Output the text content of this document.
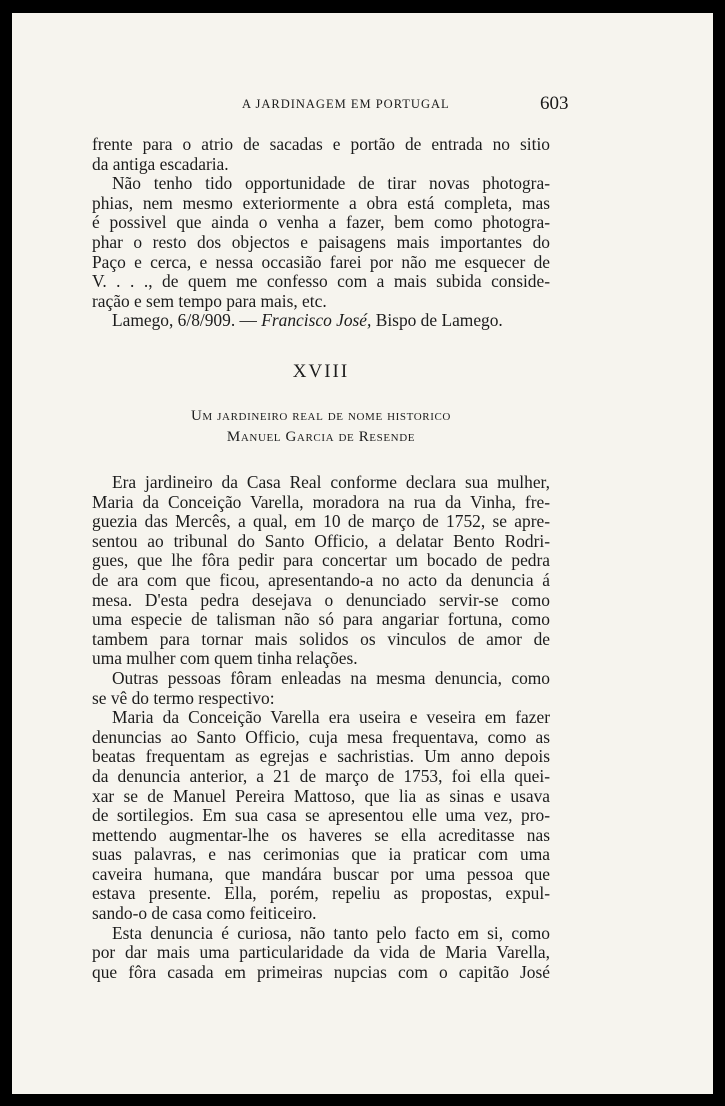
A JARDINAGEM EM PORTUGAL	603

frente para o atrio de sacadas e portão de entrada no sitio
da antiga escadaria.

Não tenho tido opportunidade de tirar novas photogra-
phias, nem mesmo exteriormente a obra está completa, mas
é possivel que ainda o venha a fazer, bem como photogra-
phar o resto dos objectos e paisagens mais importantes do
Paço e cerca, e nessa occasião farei por não me esquecer de
V. . . ., de quem me confesso com a mais subida conside-
ração e sem tempo para mais, etc.

Lamego, 6/8/909. — Francisco José, Bispo de Lamego.

XVIII
Um jardineiro real de nome historico
Manuel Garcia de Resende

Era jardineiro da Casa Real conforme declara sua mulher,
Maria da Conceição Varella, moradora na rua da Vinha, fre-
guezia das Mercês, a qual, em 10 de março de 1752, se apre-
sentou ao tribunal do Santo Officio, a delatar Bento Rodri-
gues, que lhe fôra pedir para concertar um bocado de pedra
de ara com que ficou, apresentando-a no acto da denuncia á
mesa. D'esta pedra desejava o denunciado servir-se como
uma especie de talisman não só para angariar fortuna, como
tambem para tornar mais solidos os vinculos de amor de
uma mulher com quem tinha relações.

Outras pessoas fôram enleadas na mesma denuncia, como
se vê do termo respectivo:

Maria da Conceição Varella era useira e veseira em fazer
denuncias ao Santo Officio, cuja mesa frequentava, como as
beatas frequentam as egrejas e sachristias. Um anno depois
da denuncia anterior, a 21 de março de 1753, foi ella quei-
xar se de Manuel Pereira Mattoso, que lia as sinas e usava
de sortilegios. Em sua casa se apresentou elle uma vez, pro-
mettendo augmentar-lhe os haveres se ella acreditasse nas
suas palavras, e nas cerimonias que ia praticar com uma
caveira humana, que mandára buscar por uma pessoa que
estava presente. Ella, porém, repeliu as propostas, expul-
sando-o de casa como feiticeiro.

Esta denuncia é curiosa, não tanto pelo facto em si, como
por dar mais uma particularidade da vida de Maria Varella,
que fôra casada em primeiras nupcias com o capitão José
